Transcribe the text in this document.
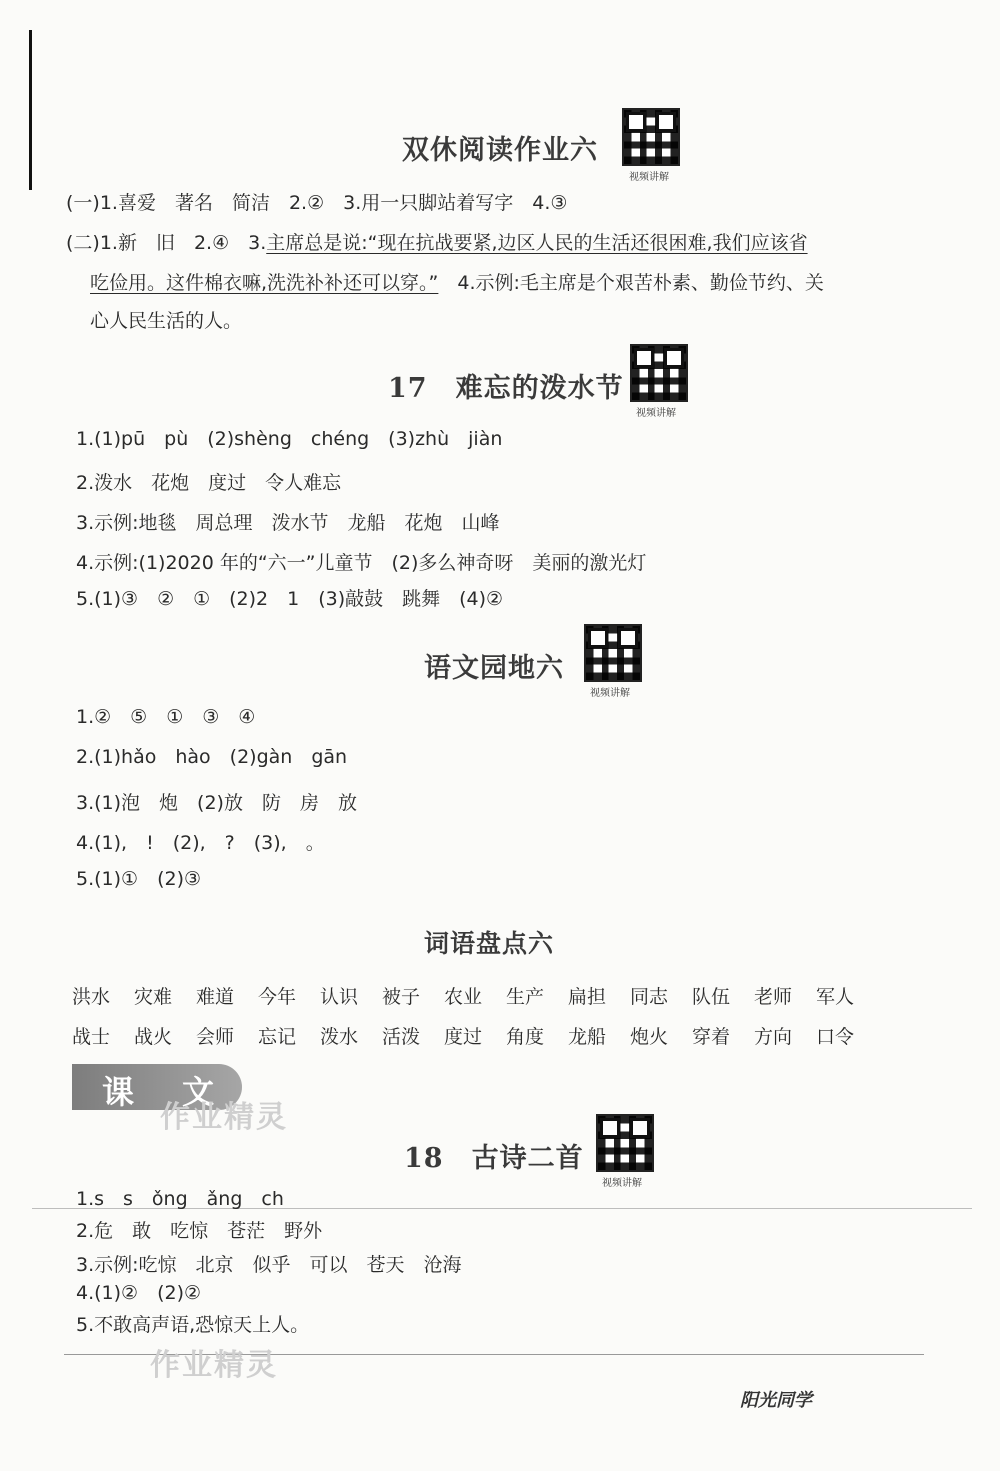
双休阅读作业六
视频讲解
(一)1.喜爱　著名　简洁　2.②　3.用一只脚站着写字　4.③
(二)1.新　旧　2.④　3.主席总是说:“现在抗战要紧,边区人民的生活还很困难,我们应该省
吃俭用。这件棉衣嘛,洗洗补补还可以穿。”　4.示例:毛主席是个艰苦朴素、勤俭节约、关
心人民生活的人。
17 难忘的泼水节
视频讲解
1.(1)pū　pù　(2)shèng　chéng　(3)zhù　jiàn
2.泼水　花炮　度过　令人难忘
3.示例:地毯　周总理　泼水节　龙船　花炮　山峰
4.示例:(1)2020 年的“六一”儿童节　(2)多么神奇呀　美丽的激光灯
5.(1)③　②　①　(2)2　1　(3)敲鼓　跳舞　(4)②
语文园地六
视频讲解
1.②　⑤　①　③　④
2.(1)hǎo　hào　(2)gàn　gān
3.(1)泡　炮　(2)放　防　房　放
4.(1),　!　(2),　?　(3),　。
5.(1)①　(2)③
词语盘点六
洪水 灾难 难道 今年 认识 被子 农业 生产 扁担 同志 队伍 老师 军人
战士 战火 会师 忘记 泼水 活泼 度过 角度 龙船 炮火 穿着 方向 口令
课 文
作业精灵
18 古诗二首
视频讲解
1.s　s　ǒng　ǎng　ch
2.危　敢　吃惊　苍茫　野外
3.示例:吃惊　北京　似乎　可以　苍天　沧海
4.(1)②　(2)②
5.不敢高声语,恐惊天上人。
作业精灵
阳光同学
